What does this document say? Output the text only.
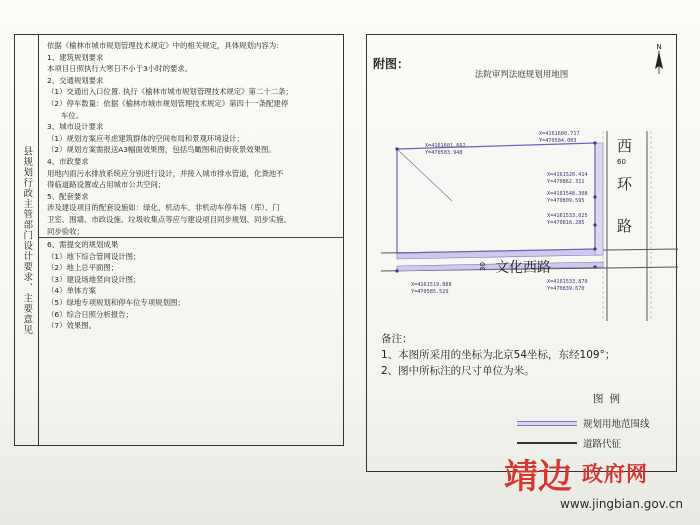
县规划行政主管部门设计要求、主要意见

依据《榆林市城市规划管理技术规定》中的相关规定，具体规划内容为：

1、建筑规划要求

本项目日照执行大寒日不小于3小时的要求。

2、交通规划要求

（1）交通出入口位置. 执行《榆林市城市规划管理技术规定》第二十二条；

（2）停车数量：依据《榆林市城市规划管理技术规定》第四十一条配建停

车位。

3、城市设计要求

（1）规划方案应考虑建筑群体的空间布局和景观环境设计；

（2）规划方案需报送A3幅面效果图，包括鸟瞰图和沿街夜景效果图。

4、市政要求

用地内雨污水排放系统应分别进行设计，并接入城市排水管道，化粪池不

得临道路设置或占用城市公共空间；

5、配套要求

涉及建设项目的配套设施如：绿化、机动车、非机动车停车场（库）、门

卫室、围墙、市政设施、垃圾收集点等应与建设项目同步规划、同步实施、

同步验收；

6、需提交的规划成果

（1）地下综合管网设计图；

（2）地上总平面图；

（3）建设场地竖向设计图；

（4）单体方案

（5）绿地专项规划和停车位专项规划图；

（6）综合日照分析报告；

（7）效果图。

附图：
法院审判法庭规划用地图
N
X=4161601.662
Y=470583.948
X=4161680.717
Y=470584.003
X=4161520.414
Y=470862.311
X=4161548.308
Y=470809.595
X=4161533.025
Y=470816.285
X=4161519.888
Y=470585.529
X=4161533.870
Y=470839.670
西
60
环
路
30 文化西路
备注：
1、本图所采用的坐标为北京54坐标，东经109°；
2、图中所标注的尺寸单位为米。
图例
规划用地范围线
道路代征
靖边 政府网
www.jingbian.gov.cn
